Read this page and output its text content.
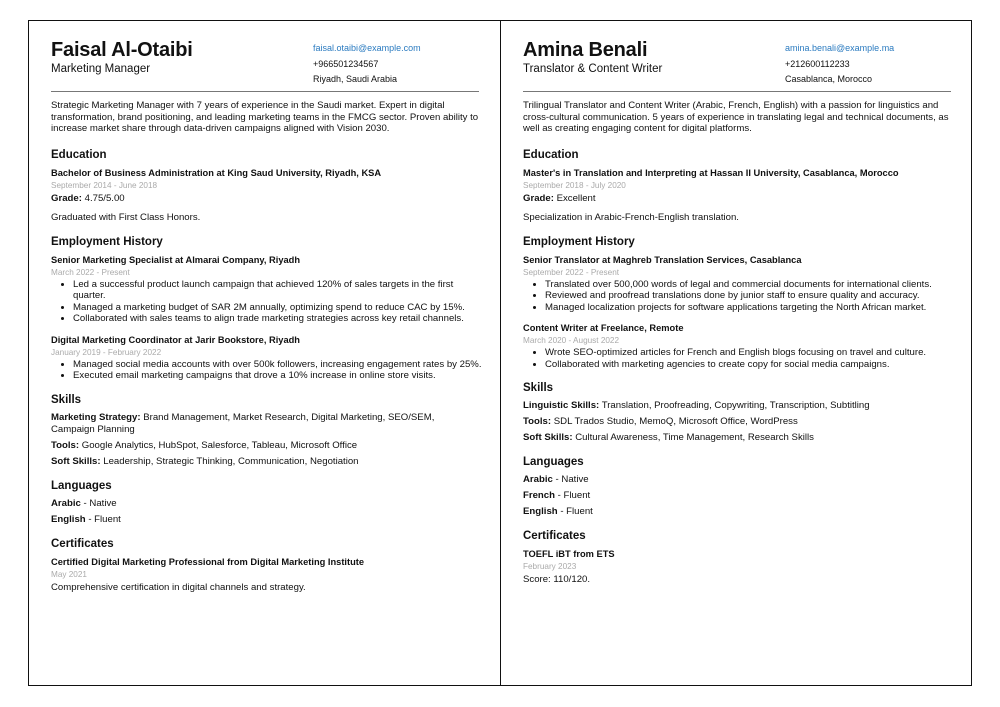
Faisal Al-Otaibi
Marketing Manager
faisal.otaibi@example.com
+966501234567
Riyadh, Saudi Arabia
Strategic Marketing Manager with 7 years of experience in the Saudi market. Expert in digital transformation, brand positioning, and leading marketing teams in the FMCG sector. Proven ability to increase market share through data-driven campaigns aligned with Vision 2030.
Education
Bachelor of Business Administration at King Saud University, Riyadh, KSA
September 2014 - June 2018
Grade: 4.75/5.00
Graduated with First Class Honors.
Employment History
Senior Marketing Specialist at Almarai Company, Riyadh
March 2022 - Present
• Led a successful product launch campaign that achieved 120% of sales targets in the first quarter.
• Managed a marketing budget of SAR 2M annually, optimizing spend to reduce CAC by 15%.
• Collaborated with sales teams to align trade marketing strategies across key retail channels.
Digital Marketing Coordinator at Jarir Bookstore, Riyadh
January 2019 - February 2022
• Managed social media accounts with over 500k followers, increasing engagement rates by 25%.
• Executed email marketing campaigns that drove a 10% increase in online store visits.
Skills
Marketing Strategy: Brand Management, Market Research, Digital Marketing, SEO/SEM, Campaign Planning
Tools: Google Analytics, HubSpot, Salesforce, Tableau, Microsoft Office
Soft Skills: Leadership, Strategic Thinking, Communication, Negotiation
Languages
Arabic - Native
English - Fluent
Certificates
Certified Digital Marketing Professional from Digital Marketing Institute
May 2021
Comprehensive certification in digital channels and strategy.
Amina Benali
Translator & Content Writer
amina.benali@example.ma
+212600112233
Casablanca, Morocco
Trilingual Translator and Content Writer (Arabic, French, English) with a passion for linguistics and cross-cultural communication. 5 years of experience in translating legal and technical documents, as well as creating engaging content for digital platforms.
Education
Master's in Translation and Interpreting at Hassan II University, Casablanca, Morocco
September 2018 - July 2020
Grade: Excellent
Specialization in Arabic-French-English translation.
Employment History
Senior Translator at Maghreb Translation Services, Casablanca
September 2022 - Present
• Translated over 500,000 words of legal and commercial documents for international clients.
• Reviewed and proofread translations done by junior staff to ensure quality and accuracy.
• Managed localization projects for software applications targeting the North African market.
Content Writer at Freelance, Remote
March 2020 - August 2022
• Wrote SEO-optimized articles for French and English blogs focusing on travel and culture.
• Collaborated with marketing agencies to create copy for social media campaigns.
Skills
Linguistic Skills: Translation, Proofreading, Copywriting, Transcription, Subtitling
Tools: SDL Trados Studio, MemoQ, Microsoft Office, WordPress
Soft Skills: Cultural Awareness, Time Management, Research Skills
Languages
Arabic - Native
French - Fluent
English - Fluent
Certificates
TOEFL iBT from ETS
February 2023
Score: 110/120.
